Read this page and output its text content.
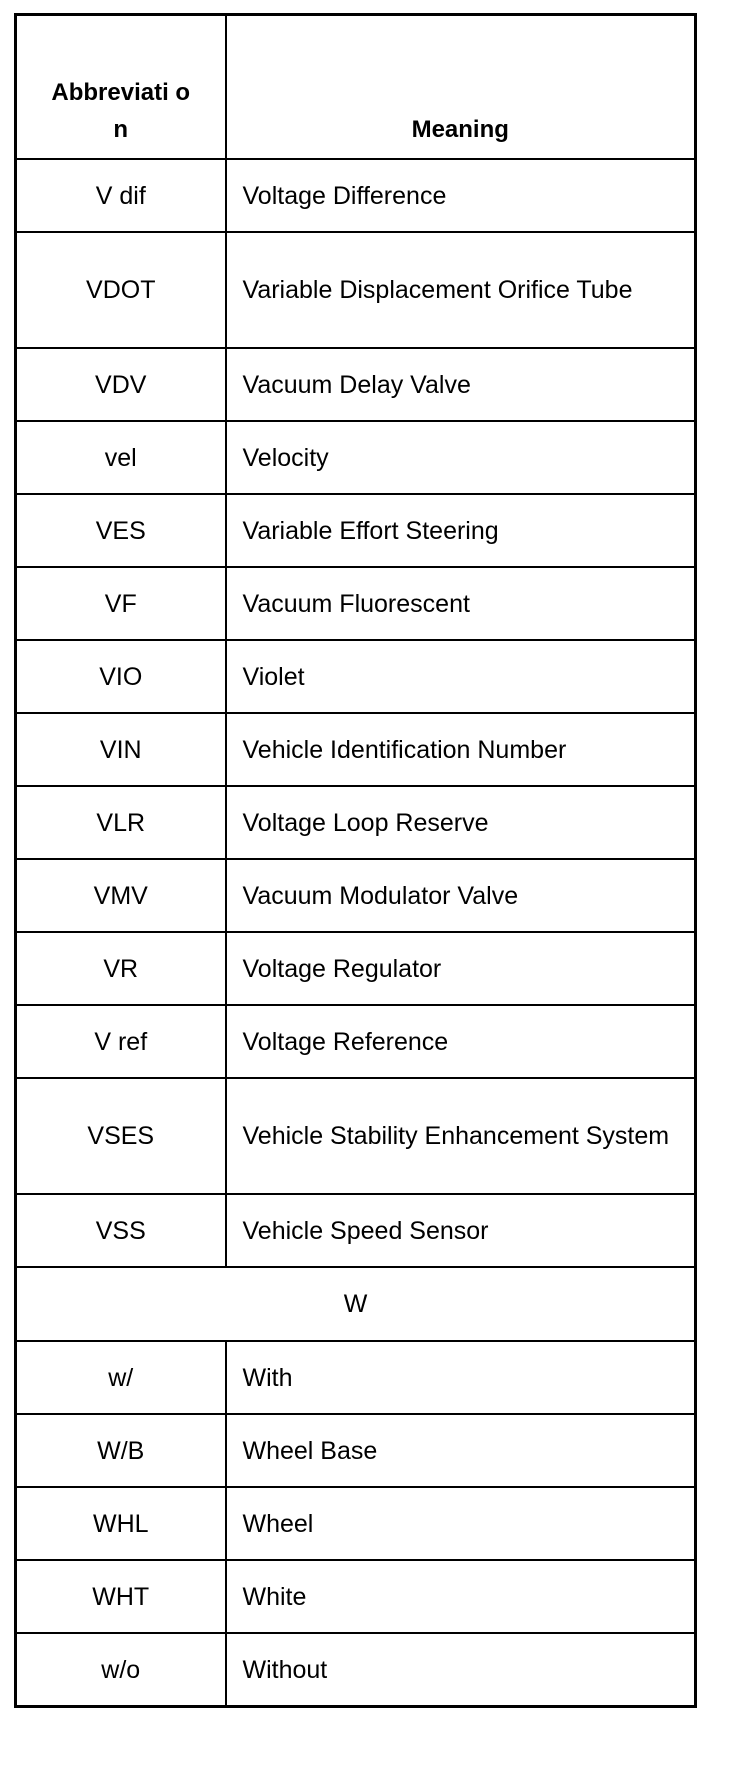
Abbreviati on	Meaning

V dif	Voltage Difference
VDOT	Variable Displacement Orifice Tube

VDV	Vacuum Delay Valve
vel	Velocity
VES	Variable Effort Steering
VF	Vacuum Fluorescent
VIO	Violet
VIN	Vehicle Identification Number
VLR	Voltage Loop Reserve
VMV	Vacuum Modulator Valve
VR	Voltage Regulator
V ref	Voltage Reference
VSES	Vehicle Stability Enhancement System

VSS	Vehicle Speed Sensor
W	
w/	With
W/B	Wheel Base
WHL	Wheel
WHT	White
w/o	Without
